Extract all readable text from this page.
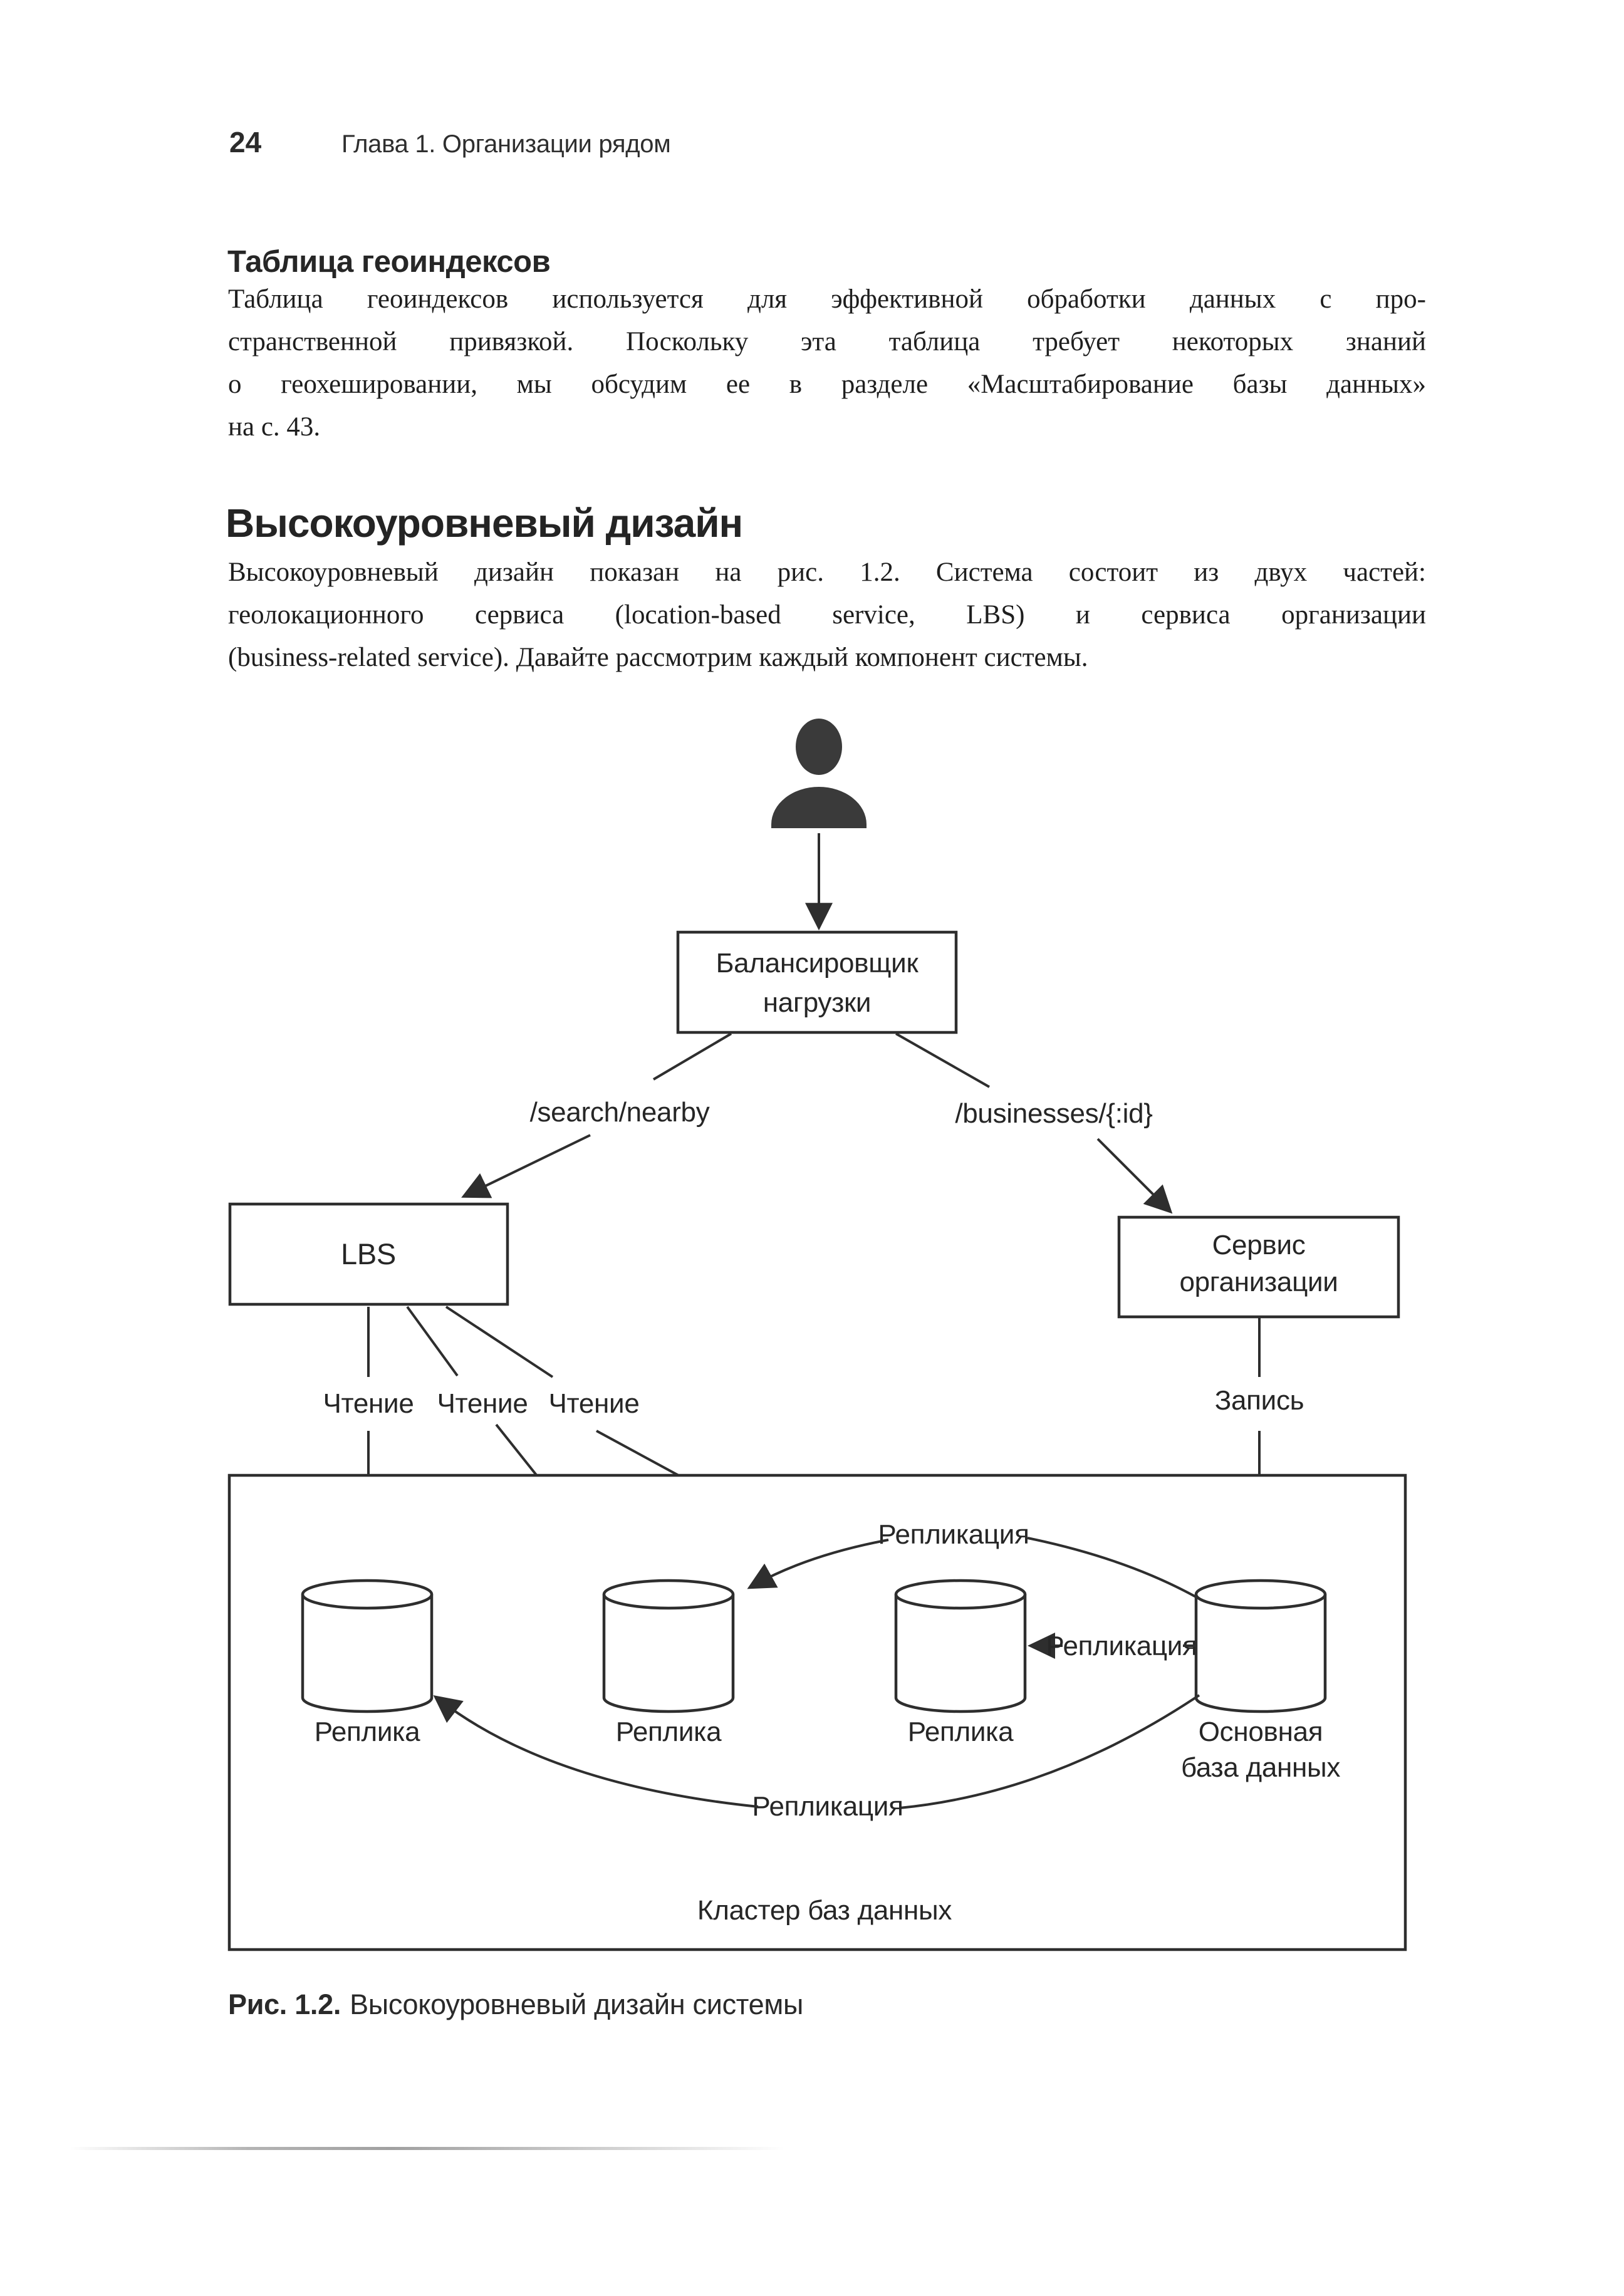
24	Глава 1. Организации рядом
Таблица геоиндексов
Таблица геоиндексов используется для эффективной обработки данных с про-
странственной привязкой. Поскольку эта таблица требует некоторых знаний
о геохешировании, мы обсудим ее в разделе «Масштабирование базы данных»
на с. 43.
Высокоуровневый дизайн
Высокоуровневый дизайн показан на рис. 1.2. Система состоит из двух частей:
геолокационного сервиса (location-based service, LBS) и сервиса организации
(business-related service). Давайте рассмотрим каждый компонент системы.
Балансировщик
нагрузки
/search/nearby	/businesses/{:id}
LBS	Сервис
организации
Чтение Чтение Чтение	Запись
Реплика	Реплика	Реплика	Основная
база данных
Репликация
Репликация
Репликация
Кластер баз данных
Рис. 1.2. Высокоуровневый дизайн системы
